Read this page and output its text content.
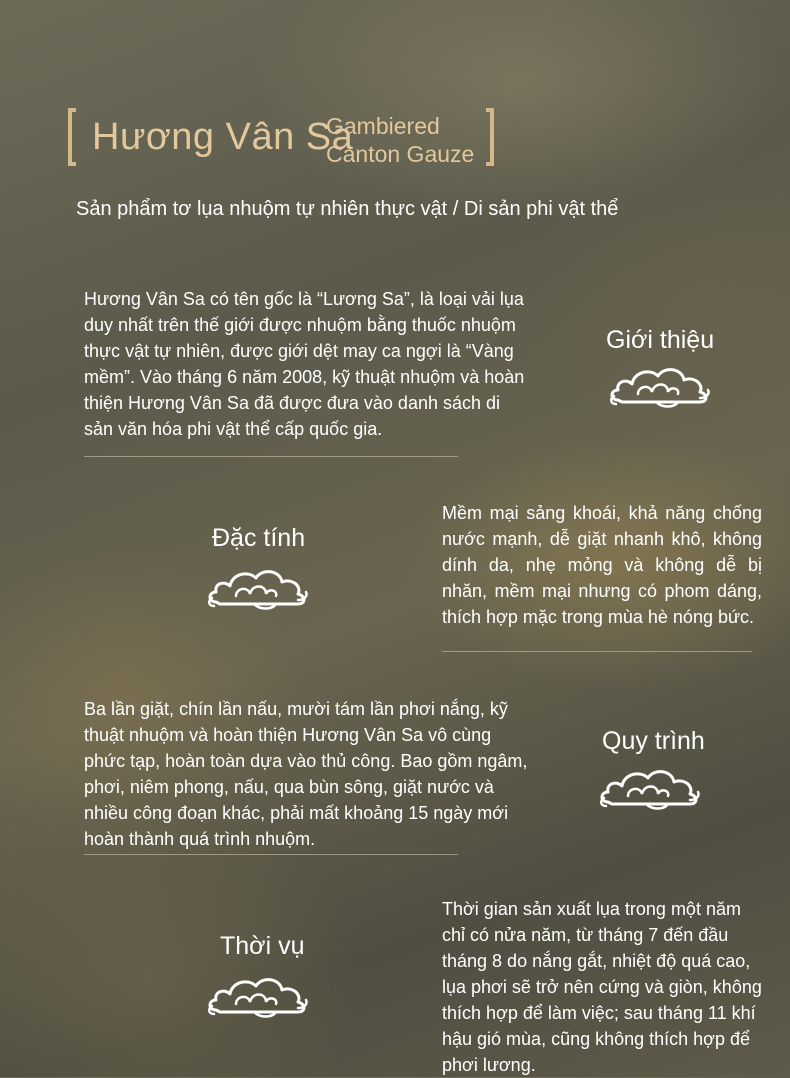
Hương Vân Sa
Gambiered
Canton Gauze
Sản phẩm tơ lụa nhuộm tự nhiên thực vật / Di sản phi vật thể
Hương Vân Sa có tên gốc là “Lương Sa”, là loại vải lụa duy nhất trên thế giới được nhuộm bằng thuốc nhuộm thực vật tự nhiên, được giới dệt may ca ngợi là “Vàng mềm”. Vào tháng 6 năm 2008, kỹ thuật nhuộm và hoàn thiện Hương Vân Sa đã được đưa vào danh sách di sản văn hóa phi vật thể cấp quốc gia.
Giới thiệu
Đặc tính
Mềm mại sảng khoái, khả năng chống nước mạnh, dễ giặt nhanh khô, không dính da, nhẹ mỏng và không dễ bị nhăn, mềm mại nhưng có phom dáng, thích hợp mặc trong mùa hè nóng bức.
Ba lần giặt, chín lần nấu, mười tám lần phơi nắng, kỹ thuật nhuộm và hoàn thiện Hương Vân Sa vô cùng phức tạp, hoàn toàn dựa vào thủ công. Bao gồm ngâm, phơi, niêm phong, nấu, qua bùn sông, giặt nước và nhiều công đoạn khác, phải mất khoảng 15 ngày mới hoàn thành quá trình nhuộm.
Quy trình
Thời vụ
Thời gian sản xuất lụa trong một năm chỉ có nửa năm, từ tháng 7 đến đầu tháng 8 do nắng gắt, nhiệt độ quá cao, lụa phơi sẽ trở nên cứng và giòn, không thích hợp để làm việc; sau tháng 11 khí hậu gió mùa, cũng không thích hợp để phơi lương.
